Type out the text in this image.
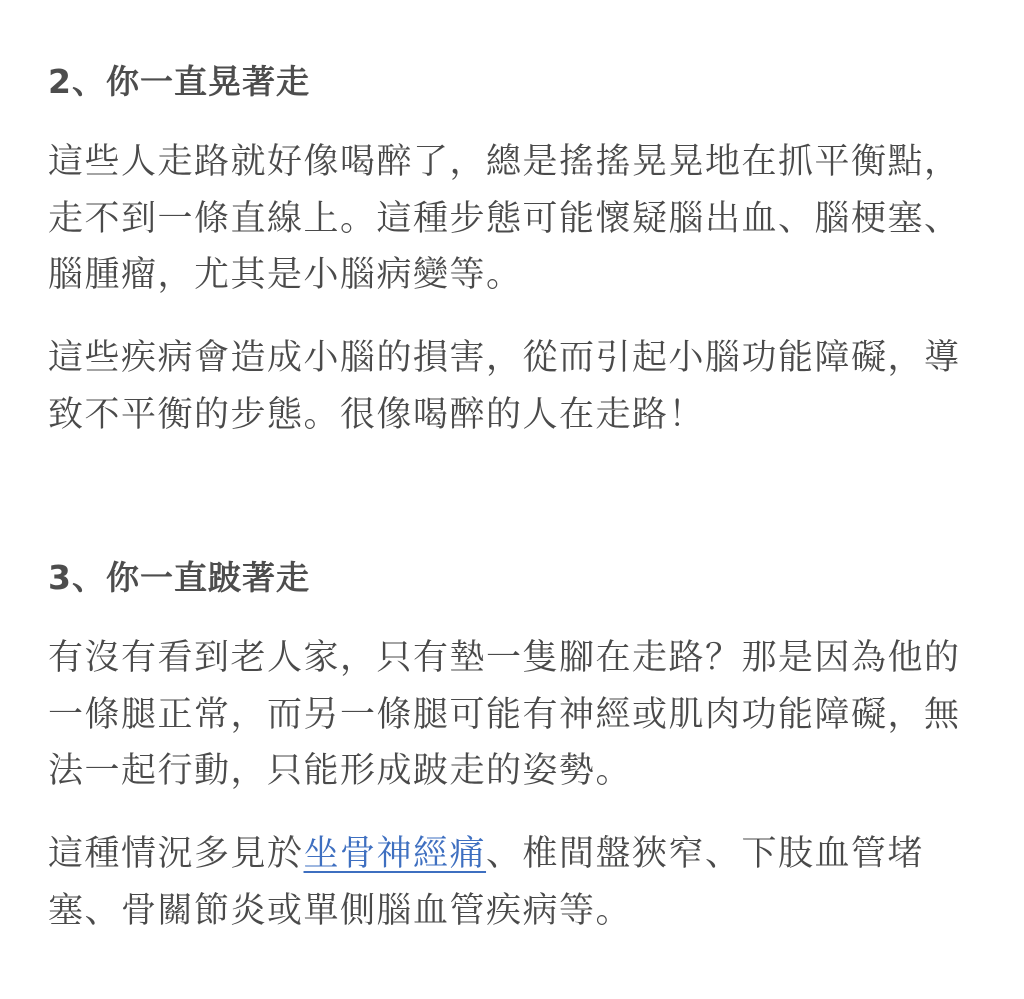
2、你一直晃著走

這些人走路就好像喝醉了，總是搖搖晃晃地在抓平衡點，走不到一條直線上。這種步態可能懷疑腦出血、腦梗塞、腦腫瘤，尤其是小腦病變等。

這些疾病會造成小腦的損害，從而引起小腦功能障礙，導致不平衡的步態。很像喝醉的人在走路！

3、你一直跛著走

有沒有看到老人家，只有墊一隻腳在走路？那是因為他的一條腿正常，而另一條腿可能有神經或肌肉功能障礙，無法一起行動，只能形成跛走的姿勢。

這種情況多見於坐骨神經痛、椎間盤狹窄、下肢血管堵塞、骨關節炎或單側腦血管疾病等。
